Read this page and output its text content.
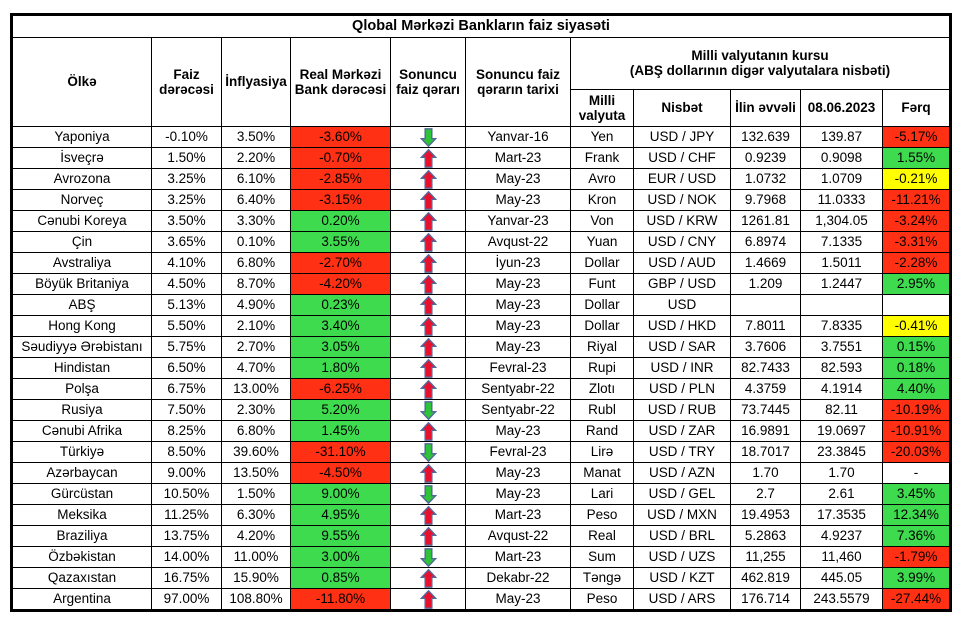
Qlobal Mərkəzi Bankların faiz siyasəti										
Ölkə	Faiz dərəcəsi	İnflyasiya	Real Mərkəzi Bank dərəcəsi	Sonuncu faiz qərarı	Sonuncu faiz qərarın tarixi	Milli valyutanın kursu
(ABŞ dollarının digər valyutalara nisbəti)				

						Milli valyuta	Nisbət	İlin əvvəli	08.06.2023	Fərq
Yaponiya	-0.10%	3.50%	-3.60%		Yanvar-16	Yen	USD / JPY	132.639	139.87	-5.17%
İsveçrə	1.50%	2.20%	-0.70%		Mart-23	Frank	USD / CHF	0.9239	0.9098	1.55%
Avrozona	3.25%	6.10%	-2.85%		May-23	Avro	EUR / USD	1.0732	1.0709	-0.21%
Norveç	3.25%	6.40%	-3.15%		May-23	Kron	USD / NOK	9.7968	11.0333	-11.21%
Cənubi Koreya	3.50%	3.30%	0.20%		Yanvar-23	Von	USD / KRW	1261.81	1,304.05	-3.24%
Çin	3.65%	0.10%	3.55%		Avqust-22	Yuan	USD / CNY	6.8974	7.1335	-3.31%
Avstraliya	4.10%	6.80%	-2.70%		İyun-23	Dollar	USD / AUD	1.4669	1.5011	-2.28%
Böyük Britaniya	4.50%	8.70%	-4.20%		May-23	Funt	GBP / USD	1.209	1.2447	2.95%
ABŞ	5.13%	4.90%	0.23%		May-23	Dollar	USD			
Hong Kong	5.50%	2.10%	3.40%		May-23	Dollar	USD / HKD	7.8011	7.8335	-0.41%
Səudiyyə Ərəbistanı	5.75%	2.70%	3.05%		May-23	Riyal	USD / SAR	3.7606	3.7551	0.15%
Hindistan	6.50%	4.70%	1.80%		Fevral-23	Rupi	USD / INR	82.7433	82.593	0.18%
Polşa	6.75%	13.00%	-6.25%		Sentyabr-22	Zlotı	USD / PLN	4.3759	4.1914	4.40%
Rusiya	7.50%	2.30%	5.20%		Sentyabr-22	Rubl	USD / RUB	73.7445	82.11	-10.19%
Cənubi Afrika	8.25%	6.80%	1.45%		May-23	Rand	USD / ZAR	16.9891	19.0697	-10.91%
Türkiyə	8.50%	39.60%	-31.10%		Fevral-23	Lirə	USD / TRY	18.7017	23.3845	-20.03%
Azərbaycan	9.00%	13.50%	-4.50%		May-23	Manat	USD / AZN	1.70	1.70	-
Gürcüstan	10.50%	1.50%	9.00%		May-23	Lari	USD / GEL	2.7	2.61	3.45%
Meksika	11.25%	6.30%	4.95%		Mart-23	Peso	USD / MXN	19.4953	17.3535	12.34%
Braziliya	13.75%	4.20%	9.55%		Avqust-22	Real	USD / BRL	5.2863	4.9237	7.36%
Özbəkistan	14.00%	11.00%	3.00%		Mart-23	Sum	USD / UZS	11,255	11,460	-1.79%
Qazaxıstan	16.75%	15.90%	0.85%		Dekabr-22	Təngə	USD / KZT	462.819	445.05	3.99%
Argentina	97.00%	108.80%	-11.80%		May-23	Peso	USD / ARS	176.714	243.5579	-27.44%
